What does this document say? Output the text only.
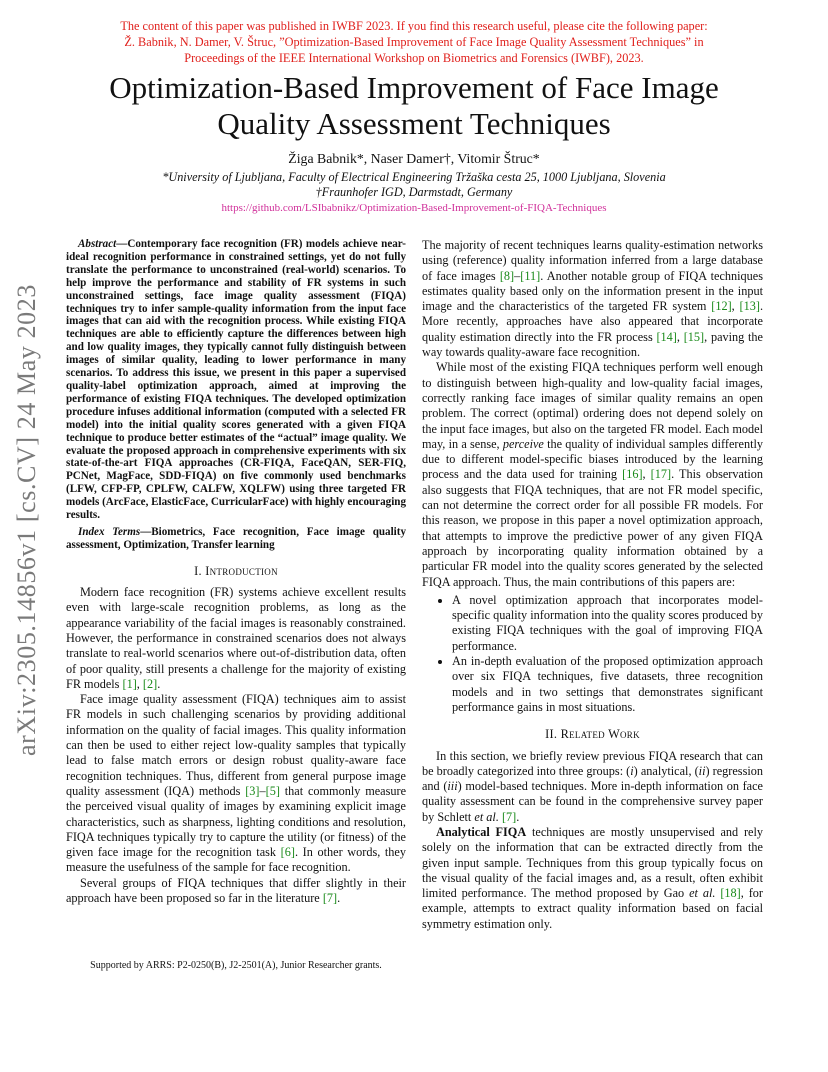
The content of this paper was published in IWBF 2023. If you find this research useful, please cite the following paper:
Ž. Babnik, N. Damer, V. Štruc, ”Optimization-Based Improvement of Face Image Quality Assessment Techniques” in
Proceedings of the IEEE International Workshop on Biometrics and Forensics (IWBF), 2023.
Optimization-Based Improvement of Face Image
Quality Assessment Techniques
Žiga Babnik*, Naser Damer†, Vitomir Štruc*
*University of Ljubljana, Faculty of Electrical Engineering Tržaška cesta 25, 1000 Ljubljana, Slovenia
†Fraunhofer IGD, Darmstadt, Germany
https://github.com/LSIbabnikz/Optimization-Based-Improvement-of-FIQA-Techniques
arXiv:2305.14856v1 [cs.CV] 24 May 2023

Abstract—Contemporary face recognition (FR) models achieve near-ideal recognition performance in constrained settings, yet do not fully translate the performance to unconstrained (real-world) scenarios. To help improve the performance and stability of FR systems in such unconstrained settings, face image quality assessment (FIQA) techniques try to infer sample-quality information from the input face images that can aid with the recognition process. While existing FIQA techniques are able to efficiently capture the differences between high and low quality images, they typically cannot fully distinguish between images of similar quality, leading to lower performance in many scenarios. To address this issue, we present in this paper a supervised quality-label optimization approach, aimed at improving the performance of existing FIQA techniques. The developed optimization procedure infuses additional information (computed with a selected FR model) into the initial quality scores generated with a given FIQA technique to produce better estimates of the “actual” image quality. We evaluate the proposed approach in comprehensive experiments with six state-of-the-art FIQA approaches (CR-FIQA, FaceQAN, SER-FIQ, PCNet, MagFace, SDD-FIQA) on five commonly used benchmarks (LFW, CFP-FP, CPLFW, CALFW, XQLFW) using three targeted FR models (ArcFace, ElasticFace, CurricularFace) with highly encouraging results.

Index Terms—Biometrics, Face recognition, Face image quality assessment, Optimization, Transfer learning

I. Introduction

Modern face recognition (FR) systems achieve excellent results even with large-scale recognition problems, as long as the appearance variability of the facial images is reasonably constrained. However, the performance in constrained scenarios does not always translate to real-world scenarios where out-of-distribution data, often of poor quality, still presents a challenge for the majority of existing FR models [1], [2].

Face image quality assessment (FIQA) techniques aim to assist FR models in such challenging scenarios by providing additional information on the quality of facial images. This quality information can then be used to either reject low-quality samples that typically lead to false match errors or design robust quality-aware face recognition techniques. Thus, different from general purpose image quality assessment (IQA) methods [3]–[5] that commonly measure the perceived visual quality of images by examining explicit image characteristics, such as sharpness, lighting conditions and resolution, FIQA techniques typically try to capture the utility (or fitness) of the given face image for the recognition task [6]. In other words, they measure the usefulness of the sample for face recognition.

Several groups of FIQA techniques that differ slightly in their approach have been proposed so far in the literature [7].

Supported by ARRS: P2-0250(B), J2-2501(A), Junior Researcher grants.

The majority of recent techniques learns quality-estimation networks using (reference) quality information inferred from a large database of face images [8]–[11]. Another notable group of FIQA techniques estimates quality based only on the information present in the input image and the characteristics of the targeted FR system [12], [13]. More recently, approaches have also appeared that incorporate quality estimation directly into the FR process [14], [15], paving the way towards quality-aware face recognition.

While most of the existing FIQA techniques perform well enough to distinguish between high-quality and low-quality facial images, correctly ranking face images of similar quality remains an open problem. The correct (optimal) ordering does not depend solely on the input face images, but also on the targeted FR model. Each model may, in a sense, perceive the quality of individual samples differently due to different model-specific biases introduced by the learning process and the data used for training [16], [17]. This observation also suggests that FIQA techniques, that are not FR model specific, can not determine the correct order for all possible FR models. For this reason, we propose in this paper a novel optimization approach, that attempts to improve the predictive power of any given FIQA approach by incorporating quality information obtained by a particular FR model into the quality scores generated by the selected FIQA approach. Thus, the main contributions of this papers are:

• A novel optimization approach that incorporates model-specific quality information into the quality scores produced by existing FIQA techniques with the goal of improving FIQA performance.
• An in-depth evaluation of the proposed optimization approach over six FIQA techniques, five datasets, three recognition models and in two settings that demonstrates significant performance gains in most situations.
II. Related Work

In this section, we briefly review previous FIQA research that can be broadly categorized into three groups: (i) analytical, (ii) regression and (iii) model-based techniques. More in-depth information on face quality assessment can be found in the comprehensive survey paper by Schlett et al. [7].

Analytical FIQA techniques are mostly unsupervised and rely solely on the information that can be extracted directly from the given input sample. Techniques from this group typically focus on the visual quality of the facial images and, as a result, often exhibit limited performance. The method proposed by Gao et al. [18], for example, attempts to extract quality information based on facial symmetry estimation only.
